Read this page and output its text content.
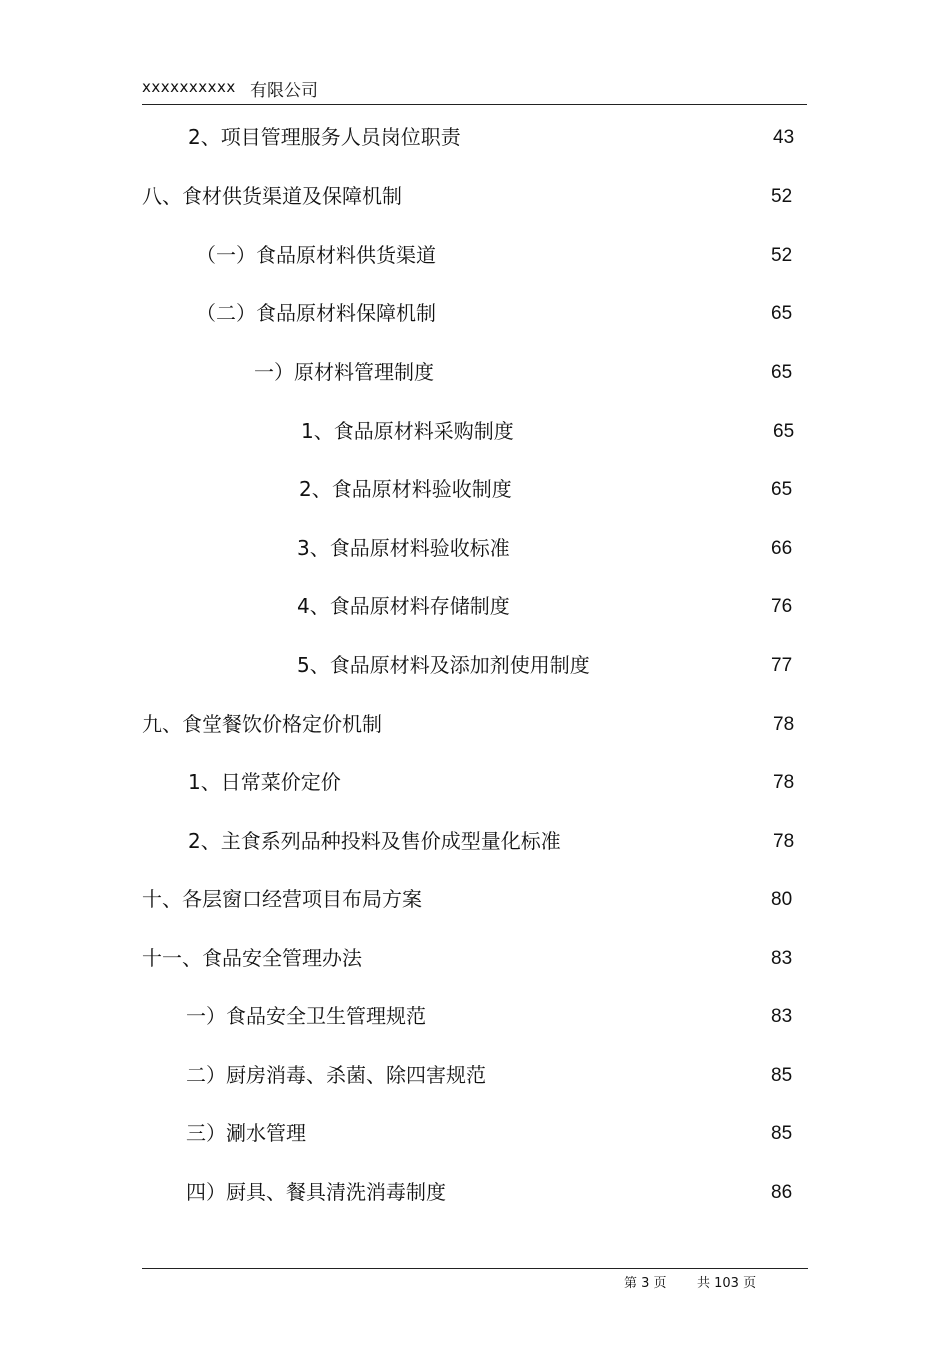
xxxxxxxxxx 有限公司
2、项目管理服务人员岗位职责	43
八、食材供货渠道及保障机制	52
（一）食品原材料供货渠道	52
（二）食品原材料保障机制	65
一）原材料管理制度	65
1、食品原材料采购制度	65
2、食品原材料验收制度	65
3、食品原材料验收标准	66
4、食品原材料存储制度	76
5、食品原材料及添加剂使用制度	77
九、食堂餐饮价格定价机制	78
1、日常菜价定价	78
2、主食系列品种投料及售价成型量化标准	78
十、各层窗口经营项目布局方案	80
十一、食品安全管理办法	83
一）食品安全卫生管理规范	83
二）厨房消毒、杀菌、除四害规范	85
三）涮水管理	85
四）厨具、餐具清洗消毒制度	86
第 3 页 共 103 页
